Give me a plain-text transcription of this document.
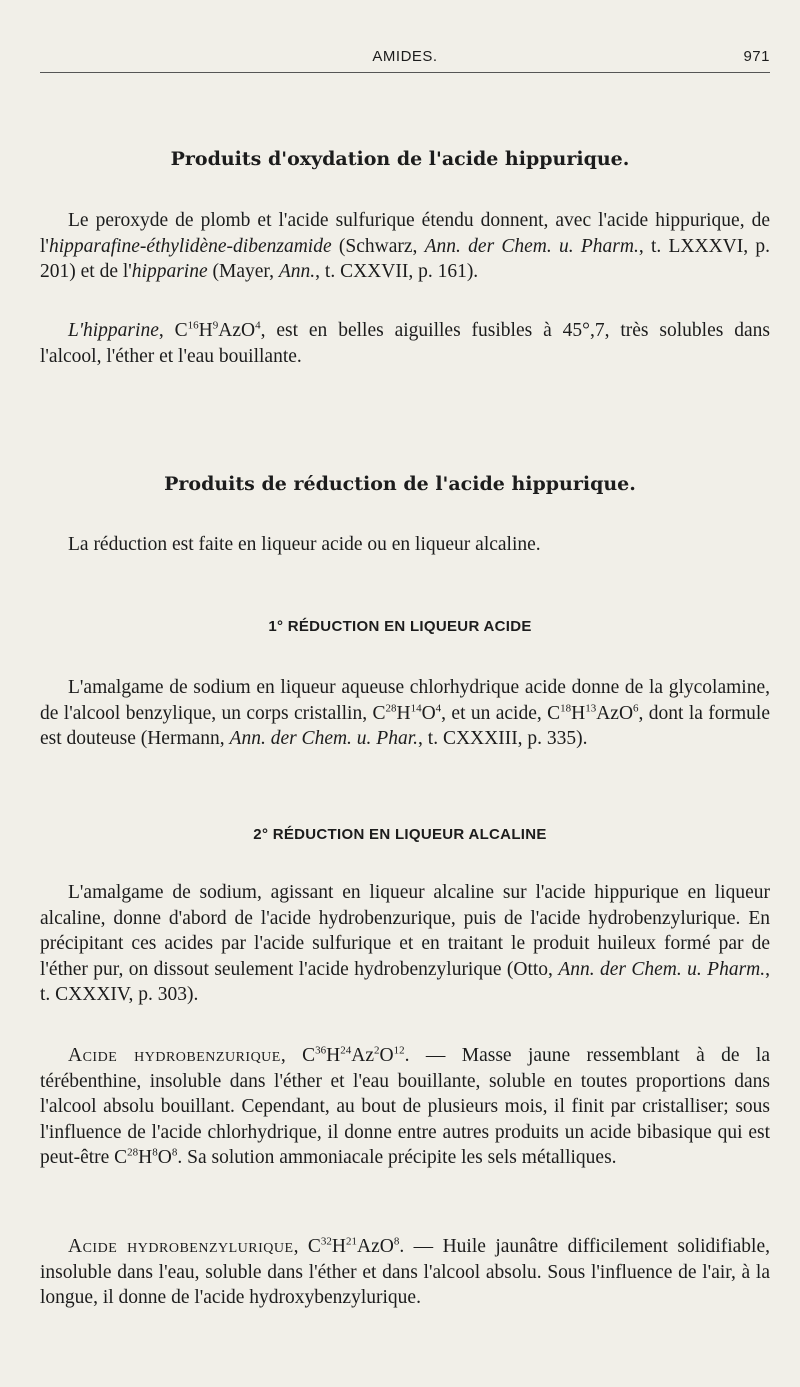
AMIDES.	971
Produits d'oxydation de l'acide hippurique.

Le peroxyde de plomb et l'acide sulfurique étendu donnent, avec l'acide hippurique, de l'hipparafine-éthylidène-dibenzamide (Schwarz, Ann. der Chem. u. Pharm., t. LXXXVI, p. 201) et de l'hipparine (Mayer, Ann., t. CXXVII, p. 161).

L'hipparine, $C^{16}H^9AzO^4$, est en belles aiguilles fusibles à 45°,7, très solubles dans l'alcool, l'éther et l'eau bouillante.

Produits de réduction de l'acide hippurique.

La réduction est faite en liqueur acide ou en liqueur alcaline.

1° RÉDUCTION EN LIQUEUR ACIDE

L'amalgame de sodium en liqueur aqueuse chlorhydrique acide donne de la glycolamine, de l'alcool benzylique, un corps cristallin, $C^{28}H^{14}O^4$, et un acide, $C^{18}H^{13}AzO^6$, dont la formule est douteuse (Hermann, Ann. der Chem. u. Phar., t. CXXXIII, p. 335).

2° RÉDUCTION EN LIQUEUR ALCALINE

L'amalgame de sodium, agissant en liqueur alcaline sur l'acide hippurique en liqueur alcaline, donne d'abord de l'acide hydrobenzurique, puis de l'acide hydrobenzylurique. En précipitant ces acides par l'acide sulfurique et en traitant le produit huileux formé par de l'éther pur, on dissout seulement l'acide hydrobenzylurique (Otto, Ann. der Chem. u. Pharm., t. CXXXIV, p. 303).

Acide hydrobenzurique, $C^{36}H^{24}Az^2O^{12}$. — Masse jaune ressemblant à de la térébenthine, insoluble dans l'éther et l'eau bouillante, soluble en toutes proportions dans l'alcool absolu bouillant. Cependant, au bout de plusieurs mois, il finit par cristalliser; sous l'influence de l'acide chlorhydrique, il donne entre autres produits un acide bibasique qui est peut-être $C^{28}H^8O^8$. Sa solution ammoniacale précipite les sels métalliques.

Acide hydrobenzylurique, $C^{32}H^{21}AzO^8$. — Huile jaunâtre difficilement solidifiable, insoluble dans l'eau, soluble dans l'éther et dans l'alcool absolu. Sous l'influence de l'air, à la longue, il donne de l'acide hydroxybenzylurique.
